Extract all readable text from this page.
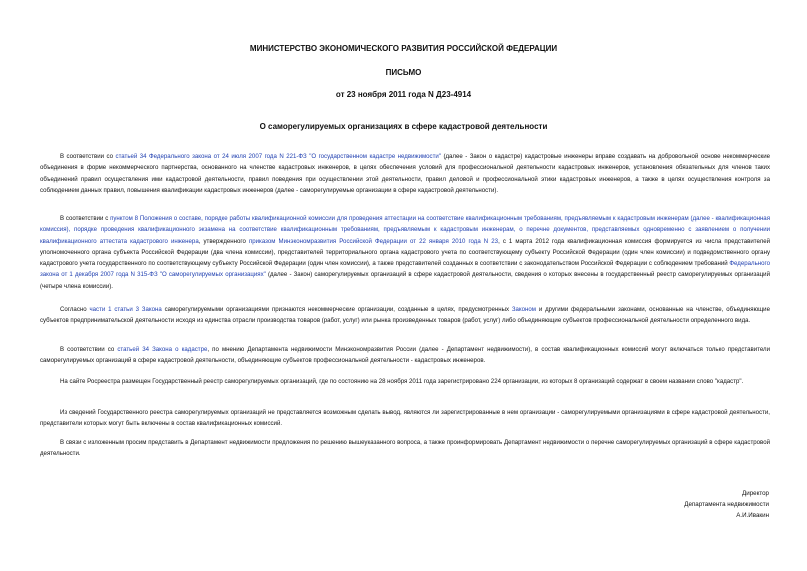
МИНИСТЕРСТВО ЭКОНОМИЧЕСКОГО РАЗВИТИЯ РОССИЙСКОЙ ФЕДЕРАЦИИ
ПИСЬМО
от 23 ноября 2011 года N Д23-4914
О саморегулируемых организациях в сфере кадастровой деятельности

В соответствии со статьей 34 Федерального закона от 24 июля 2007 года N 221-ФЗ "О государственном кадастре недвижимости" (далее - Закон о кадастре) кадастровые инженеры вправе создавать на добровольной основе некоммерческие объединения в форме некоммерческого партнерства, основанного на членстве кадастровых инженеров, в целях обеспечения условий для профессиональной деятельности кадастровых инженеров, установления обязательных для членов таких объединений правил осуществления ими кадастровой деятельности, правил поведения при осуществлении этой деятельности, правил деловой и профессиональной этики кадастровых инженеров, а также в целях осуществления контроля за соблюдением данных правил, повышения квалификации кадастровых инженеров (далее - саморегулируемые организации в сфере кадастровой деятельности).

В соответствии с пунктом 8 Положения о составе, порядке работы квалификационной комиссии для проведения аттестации на соответствие квалификационным требованиям, предъявляемым к кадастровым инженерам (далее - квалификационная комиссия), порядке проведения квалификационного экзамена на соответствие квалификационным требованиям, предъявляемым к кадастровым инженерам, о перечне документов, представляемых одновременно с заявлением о получении квалификационного аттестата кадастрового инженера, утвержденного приказом Минэкономразвития Российской Федерации от 22 января 2010 года N 23, с 1 марта 2012 года квалификационная комиссия формируется из числа представителей уполномоченного органа субъекта Российской Федерации (два члена комиссии), представителей территориального органа кадастрового учета по соответствующему субъекту Российской Федерации (один член комиссии) и подведомственного органу кадастрового учета государственного по соответствующему субъекту Российской Федерации (один член комиссии), а также представителей созданных в соответствии с законодательством Российской Федерации с соблюдением требований Федерального закона от 1 декабря 2007 года N 315-ФЗ "О саморегулируемых организациях" (далее - Закон) саморегулируемых организаций в сфере кадастровой деятельности, сведения о которых внесены в государственный реестр саморегулируемых организаций (четыре члена комиссии).

Согласно части 1 статьи 3 Закона саморегулируемыми организациями признаются некоммерческие организации, созданные в целях, предусмотренных Законом и другими федеральными законами, основанные на членстве, объединяющие субъектов предпринимательской деятельности исходя из единства отрасли производства товаров (работ, услуг) или рынка произведенных товаров (работ, услуг) либо объединяющие субъектов профессиональной деятельности определенного вида.

В соответствии со статьей 34 Закона о кадастре, по мнению Департамента недвижимости Минэкономразвития России (далее - Департамент недвижимости), в состав квалификационных комиссий могут включаться только представители саморегулируемых организаций в сфере кадастровой деятельности, объединяющие субъектов профессиональной деятельности - кадастровых инженеров.

На сайте Росреестра размещен Государственный реестр саморегулируемых организаций, где по состоянию на 28 ноября 2011 года зарегистрировано 224 организации, из которых 8 организаций содержат в своем названии слово "кадастр".

Из сведений Государственного реестра саморегулируемых организаций не представляется возможным сделать вывод, являются ли зарегистрированные в нем организации - саморегулируемыми организациями в сфере кадастровой деятельности, представители которых могут быть включены в состав квалификационных комиссий.

В связи с изложенным просим представить в Департамент недвижимости предложения по решению вышеуказанного вопроса, а также проинформировать Департамент недвижимости о перечне саморегулируемых организаций в сфере кадастровой деятельности.

Директор
Департамента недвижимости
А.И.Ивакин
